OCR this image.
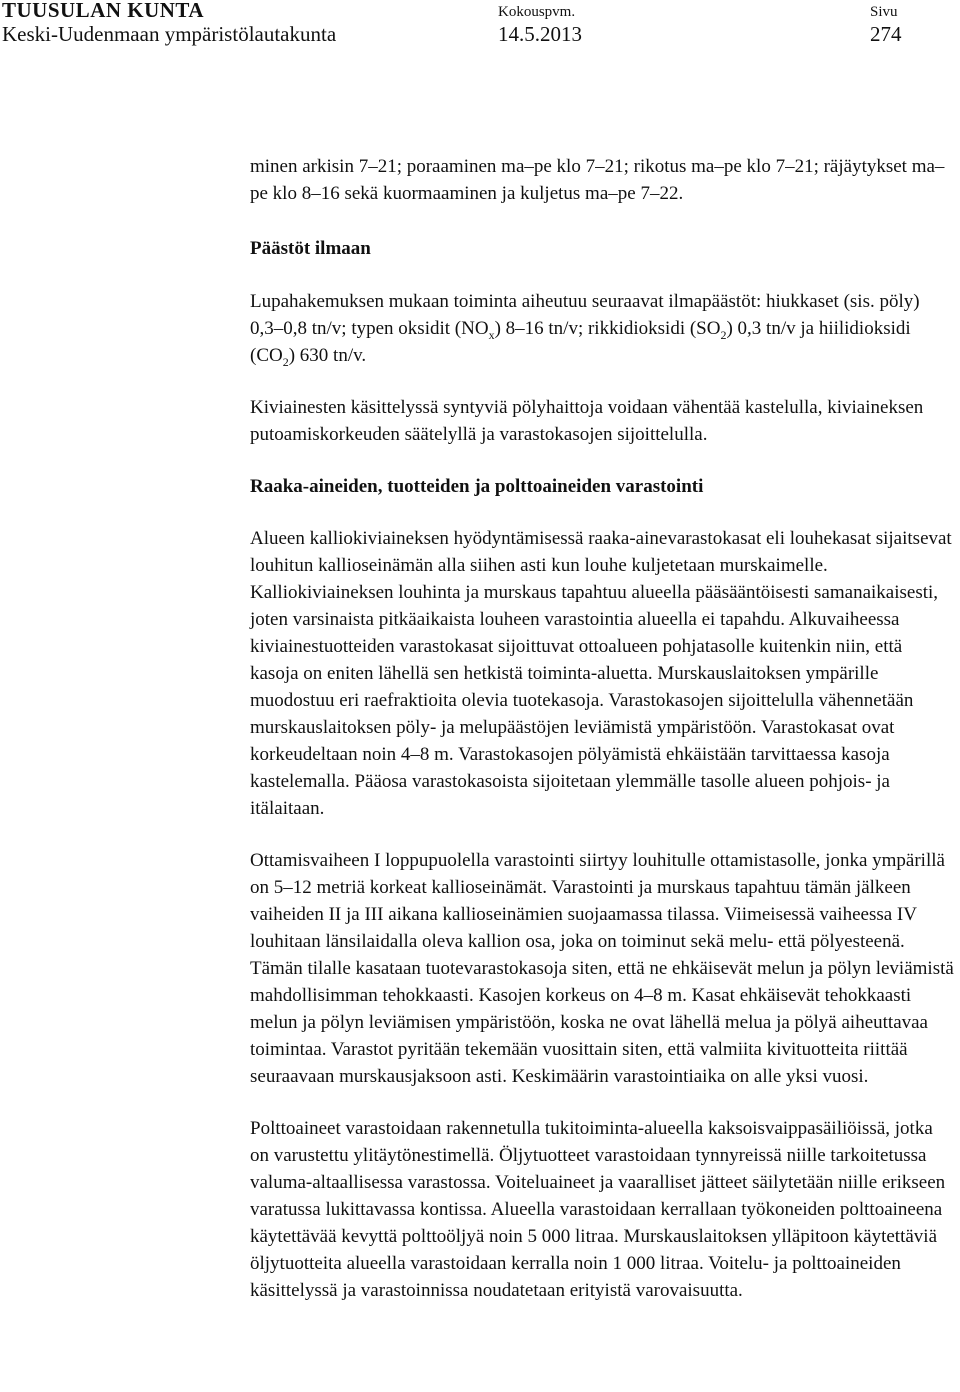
TUUSULAN KUNTA
Keski-Uudenmaan ympäristölautakunta
Kokouspvm.
14.5.2013
Sivu
274

minen arkisin 7–21; poraaminen ma–pe klo 7–21; rikotus ma–pe klo 7–21; räjäytykset ma–pe klo 8–16 sekä kuormaaminen ja kuljetus ma–pe 7–22.

Päästöt ilmaan

Lupahakemuksen mukaan toiminta aiheutuu seuraavat ilmapäästöt: hiukkaset (sis. pöly) 0,3–0,8 tn/v; typen oksidit $(NO_x)$ 8–16 tn/v; rikkidioksidi $(SO_2)$ 0,3 tn/v ja hiilidioksidi $(CO_2)$ 630 tn/v.

Kiviainesten käsittelyssä syntyviä pölyhaittoja voidaan vähentää kastelulla, kiviaineksen putoamiskorkeuden säätelyllä ja varastokasojen sijoittelulla.

Raaka-aineiden, tuotteiden ja polttoaineiden varastointi

Alueen kalliokiviaineksen hyödyntämisessä raaka-ainevarastokasat eli louhekasat sijaitsevat louhitun kallioseinämän alla siihen asti kun louhe kuljetetaan murskaimelle. Kalliokiviaineksen louhinta ja murskaus tapahtuu alueella pääsääntöisesti samanaikaisesti, joten varsinaista pitkäaikaista louheen varastointia alueella ei tapahdu. Alkuvaiheessa kiviainestuotteiden varastokasat sijoittuvat ottoalueen pohjatasolle kuitenkin niin, että kasoja on eniten lähellä sen hetkistä toiminta-aluetta. Murskauslaitoksen ympärille muodostuu eri raefraktioita olevia tuotekasoja. Varastokasojen sijoittelulla vähennetään murskauslaitoksen pöly- ja melupäästöjen leviämistä ympäristöön. Varastokasat ovat korkeudeltaan noin 4–8 m. Varastokasojen pölyämistä ehkäistään tarvittaessa kasoja kastelemalla. Pääosa varastokasoista sijoitetaan ylemmälle tasolle alueen pohjois- ja itälaitaan.

Ottamisvaiheen I loppupuolella varastointi siirtyy louhitulle ottamistasolle, jonka ympärillä on 5–12 metriä korkeat kallioseinämät. Varastointi ja murskaus tapahtuu tämän jälkeen vaiheiden II ja III aikana kallioseinämien suojaamassa tilassa. Viimeisessä vaiheessa IV louhitaan länsilaidalla oleva kallion osa, joka on toiminut sekä melu- että pölyesteenä. Tämän tilalle kasataan tuotevarastokasoja siten, että ne ehkäisevät melun ja pölyn leviämistä mahdollisimman tehokkaasti. Kasojen korkeus on 4–8 m. Kasat ehkäisevät tehokkaasti melun ja pölyn leviämisen ympäristöön, koska ne ovat lähellä melua ja pölyä aiheuttavaa toimintaa. Varastot pyritään tekemään vuosittain siten, että valmiita kivituotteita riittää seuraavaan murskausjaksoon asti. Keskimäärin varastointiaika on alle yksi vuosi.

Polttoaineet varastoidaan rakennetulla tukitoiminta-alueella kaksoisvaippasäiliöissä, jotka on varustettu ylitäytönestimellä. Öljytuotteet varastoidaan tynnyreissä niille tarkoitetussa valuma-altaallisessa varastossa. Voiteluaineet ja vaaralliset jätteet säilytetään niille erikseen varatussa lukittavassa kontissa. Alueella varastoidaan kerrallaan työkoneiden polttoaineena käytettävää kevyttä polttoöljyä noin 5 000 litraa. Murskauslaitoksen ylläpitoon käytettäviä öljytuotteita alueella varastoidaan kerralla noin 1 000 litraa. Voitelu- ja polttoaineiden käsittelyssä ja varastoinnissa noudatetaan erityistä varovaisuutta.
